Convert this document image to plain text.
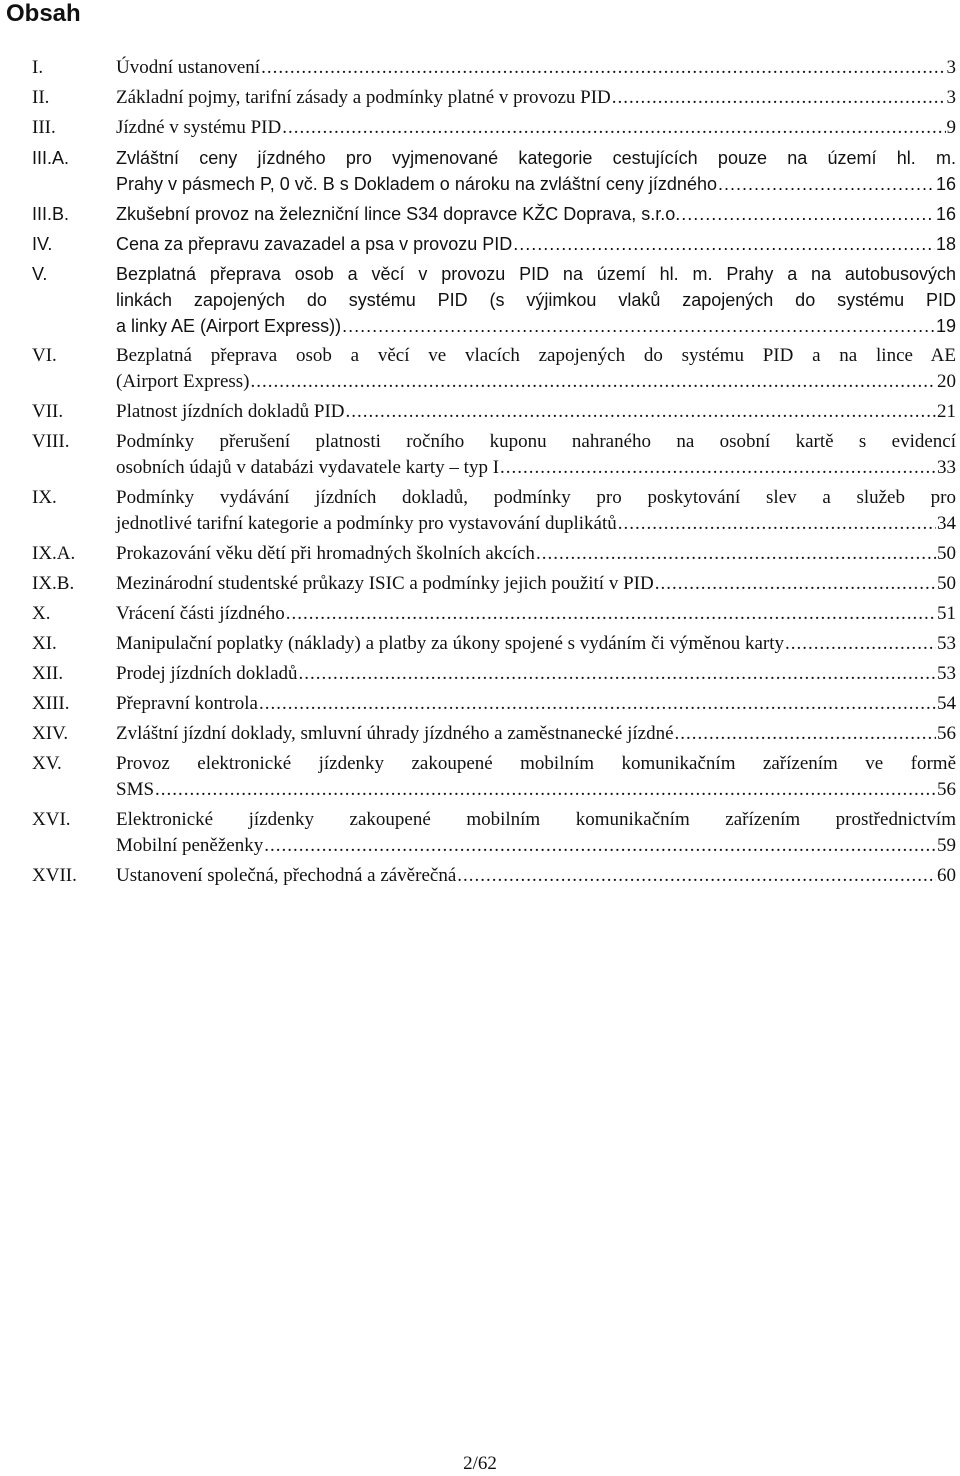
Obsah
I.	Úvodní ustanovení .....	3
II.	Základní pojmy, tarifní zásady a podmínky platné v provozu PID .....	3
III.	Jízdné v systému PID .....	9
III.A.	Zvláštní ceny jízdného pro vyjmenované kategorie cestujících pouze na území hl. m.
Prahy v pásmech P, 0 vč. B s Dokladem o nároku na zvláštní ceny jízdného .....	16
III.B.	Zkušební provoz na železniční lince S34 dopravce KŽC Doprava, s.r.o. .....	16
IV.	Cena za přepravu zavazadel a psa v provozu PID .....	18
V.	Bezplatná přeprava osob a věcí v provozu PID na území hl. m. Prahy a na autobusových
linkách zapojených do systému PID (s výjimkou vlaků zapojených do systému PID
a linky AE (Airport Express)) .....	19
VI.	Bezplatná přeprava osob a věcí ve vlacích zapojených do systému PID a na lince AE
(Airport Express) .....	20
VII.	Platnost jízdních dokladů PID .....	21
VIII. Podmínky přerušení platnosti ročního kuponu nahraného na osobní kartě s evidencí
osobních údajů v databázi vydavatele karty – typ I .....	33
IX.	Podmínky vydávání jízdních dokladů, podmínky pro poskytování slev a služeb pro
jednotlivé tarifní kategorie a podmínky pro vystavování duplikátů .....	34
IX.A. Prokazování věku dětí při hromadných školních akcích .....	50
IX.B. Mezinárodní studentské průkazy ISIC a podmínky jejich použití v PID .....	50
X.	Vrácení části jízdného .....	51
XI.	Manipulační poplatky (náklady) a platby za úkony spojené s vydáním či výměnou karty .....	53
XII.	Prodej jízdních dokladů .....	53
XIII. Přepravní kontrola .....	54
XIV.	Zvláštní jízdní doklady, smluvní úhrady jízdného a zaměstnanecké jízdné .....	56
XV.	Provoz elektronické jízdenky zakoupené mobilním komunikačním zařízením ve formě
SMS .....	56
XVI. Elektronické jízdenky zakoupené mobilním komunikačním zařízením prostřednictvím
Mobilní peněženky .....	59
XVII. Ustanovení společná, přechodná a závěrečná .....	60
2/62
